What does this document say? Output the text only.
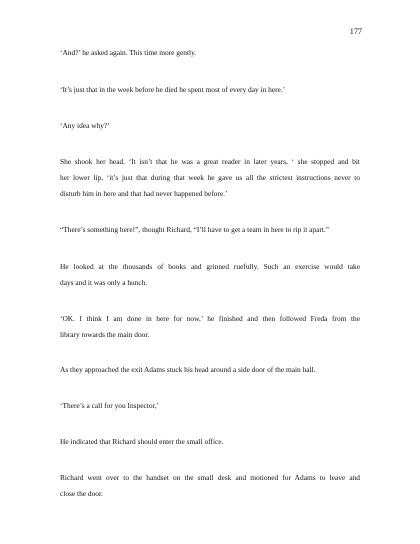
177

‘And?’ he asked again. This time more gently.

‘It’s just that in the week before he died he spent most of every day in here.’

‘Any idea why?’

She shook her head. ‘It isn’t that he was a great reader in later years, ‘ she stopped and bit
her lower lip, ‘it’s just that during that week he gave us all the strictest instructions never to
disturb him in here and that had never happened before.’

“There’s something here!”, thought Richard, “I’ll have to get a team in here to rip it apart.”

He looked at the thousands of books and grinned ruefully. Such an exercise would take
days and it was only a hunch.

‘OK. I think I am done in here for now,’ he finished and then followed Freda from the
library towards the main door.

As they approached the exit Adams stuck his head around a side door of the main hall.

‘There’s a call for you Inspector,’

He indicated that Richard should enter the small office.

Richard went over to the handset on the small desk and motioned for Adams to leave and
close the door.
